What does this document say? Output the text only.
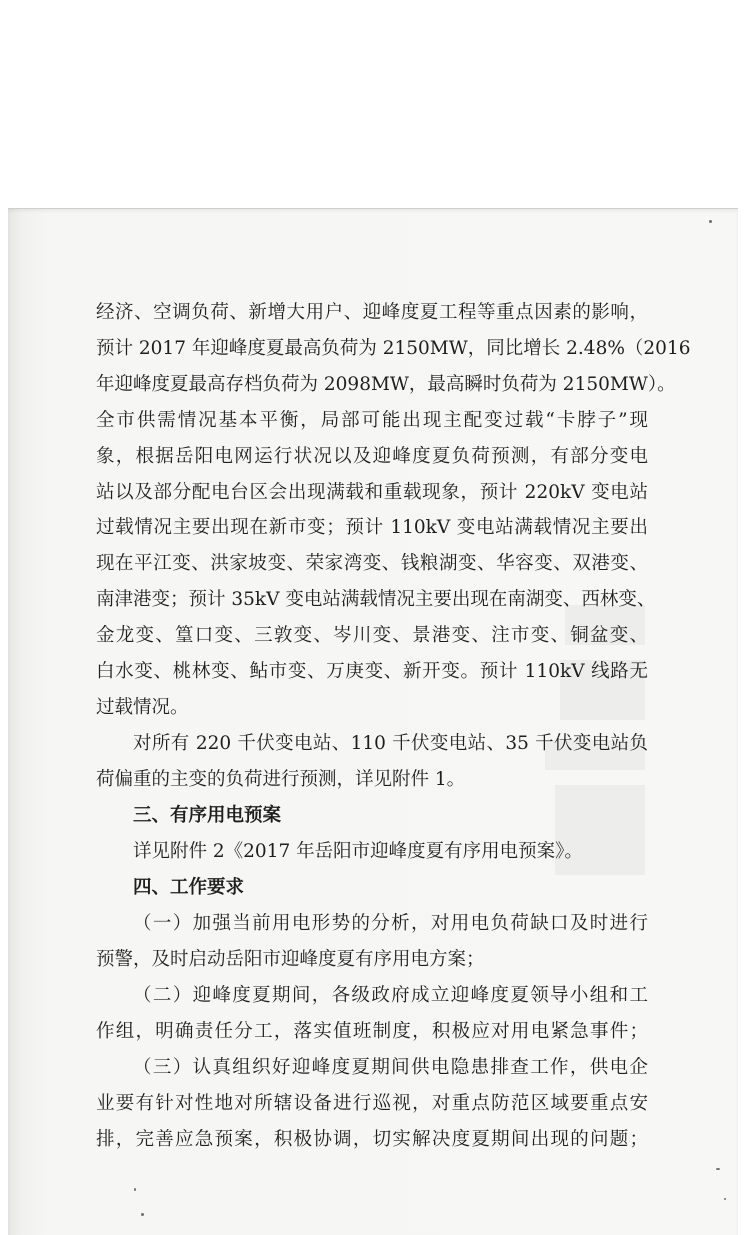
经济、空调负荷、新增大用户、迎峰度夏工程等重点因素的影响，
预计 2017 年迎峰度夏最高负荷为 2150MW，同比增长 2.48%（2016
年迎峰度夏最高存档负荷为 2098MW，最高瞬时负荷为 2150MW）。
全市供需情况基本平衡，局部可能出现主配变过载“卡脖子”现
象，根据岳阳电网运行状况以及迎峰度夏负荷预测，有部分变电
站以及部分配电台区会出现满载和重载现象，预计 220kV 变电站
过载情况主要出现在新市变；预计 110kV 变电站满载情况主要出
现在平江变、洪家坡变、荣家湾变、钱粮湖变、华容变、双港变、
南津港变；预计 35kV 变电站满载情况主要出现在南湖变、西林变、
金龙变、篁口变、三敦变、岑川变、景港变、注市变、铜盆变、
白水变、桃林变、鲇市变、万庚变、新开变。预计 110kV 线路无
过载情况。
对所有 220 千伏变电站、110 千伏变电站、35 千伏变电站负
荷偏重的主变的负荷进行预测，详见附件 1。
三、有序用电预案
详见附件 2《2017 年岳阳市迎峰度夏有序用电预案》。
四、工作要求
（一）加强当前用电形势的分析，对用电负荷缺口及时进行
预警，及时启动岳阳市迎峰度夏有序用电方案；
（二）迎峰度夏期间，各级政府成立迎峰度夏领导小组和工
作组，明确责任分工，落实值班制度，积极应对用电紧急事件；
（三）认真组织好迎峰度夏期间供电隐患排查工作，供电企
业要有针对性地对所辖设备进行巡视，对重点防范区域要重点安
排，完善应急预案，积极协调，切实解决度夏期间出现的问题；
